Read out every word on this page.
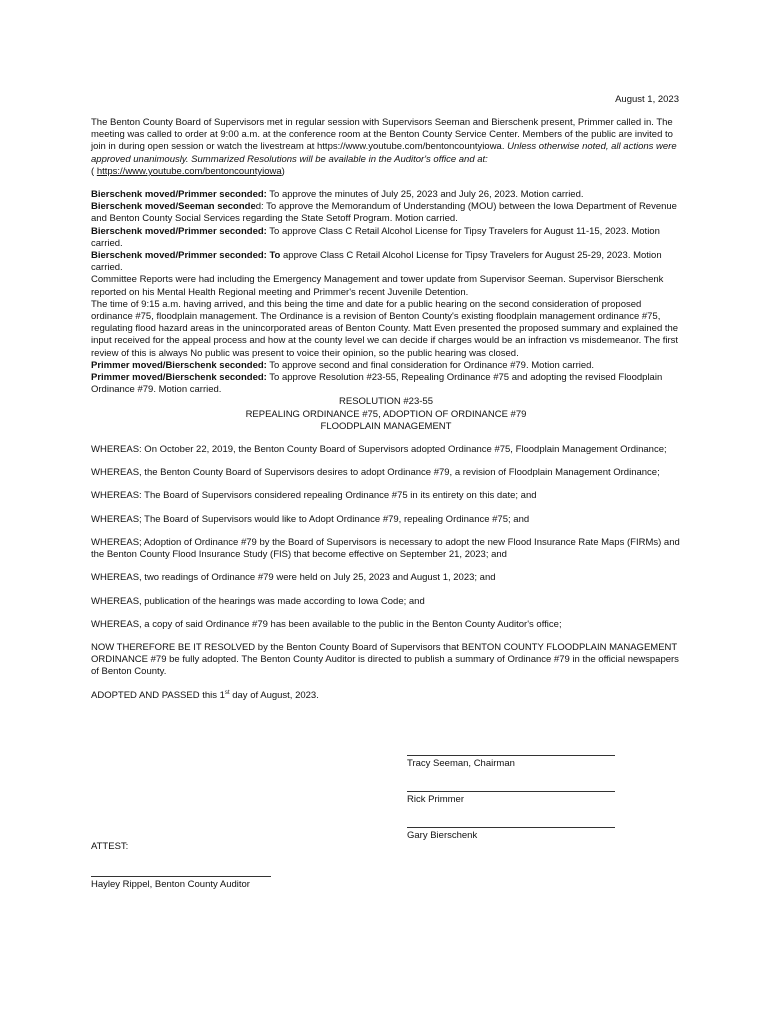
August 1, 2023

The Benton County Board of Supervisors met in regular session with Supervisors Seeman and Bierschenk present, Primmer called in. The meeting was called to order at 9:00 a.m. at the conference room at the Benton County Service Center. Members of the public are invited to join in during open session or watch the livestream at https://www.youtube.com/bentoncountyiowa. Unless otherwise noted, all actions were approved unanimously. Summarized Resolutions will be available in the Auditor's office and at:
( https://www.youtube.com/bentoncountyiowa)

Bierschenk moved/Primmer seconded: To approve the minutes of July 25, 2023 and July 26, 2023. Motion carried.

Bierschenk moved/Seeman seconded: To approve the Memorandum of Understanding (MOU) between the Iowa Department of Revenue and Benton County Social Services regarding the State Setoff Program. Motion carried.

Bierschenk moved/Primmer seconded: To approve Class C Retail Alcohol License for Tipsy Travelers for August 11-15, 2023. Motion carried.

Bierschenk moved/Primmer seconded: To approve Class C Retail Alcohol License for Tipsy Travelers for August 25-29, 2023. Motion carried.

Committee Reports were had including the Emergency Management and tower update from Supervisor Seeman. Supervisor Bierschenk reported on his Mental Health Regional meeting and Primmer's recent Juvenile Detention.

The time of 9:15 a.m. having arrived, and this being the time and date for a public hearing on the second consideration of proposed ordinance #75, floodplain management. The Ordinance is a revision of Benton County's existing floodplain management ordinance #75, regulating flood hazard areas in the unincorporated areas of Benton County. Matt Even presented the proposed summary and explained the input received for the appeal process and how at the county level we can decide if charges would be an infraction vs misdemeanor. The first review of this is always No public was present to voice their opinion, so the public hearing was closed.

Primmer moved/Bierschenk seconded: To approve second and final consideration for Ordinance #79. Motion carried.

Primmer moved/Bierschenk seconded: To approve Resolution #23-55, Repealing Ordinance #75 and adopting the revised Floodplain Ordinance #79. Motion carried.

RESOLUTION #23-55

REPEALING ORDINANCE #75, ADOPTION OF ORDINANCE #79

FLOODPLAIN MANAGEMENT

WHEREAS: On October 22, 2019, the Benton County Board of Supervisors adopted Ordinance #75, Floodplain Management Ordinance;

WHEREAS, the Benton County Board of Supervisors desires to adopt Ordinance #79, a revision of Floodplain Management Ordinance;

WHEREAS: The Board of Supervisors considered repealing Ordinance #75 in its entirety on this date; and

WHEREAS; The Board of Supervisors would like to Adopt Ordinance #79, repealing Ordinance #75; and

WHEREAS; Adoption of Ordinance #79 by the Board of Supervisors is necessary to adopt the new Flood Insurance Rate Maps (FIRMs) and the Benton County Flood Insurance Study (FIS) that become effective on September 21, 2023; and

WHEREAS, two readings of Ordinance #79 were held on July 25, 2023 and August 1, 2023; and

WHEREAS, publication of the hearings was made according to Iowa Code; and

WHEREAS, a copy of said Ordinance #79 has been available to the public in the Benton County Auditor's office;

NOW THEREFORE BE IT RESOLVED by the Benton County Board of Supervisors that BENTON COUNTY FLOODPLAIN MANAGEMENT ORDINANCE #79 be fully adopted. The Benton County Auditor is directed to publish a summary of Ordinance #79 in the official newspapers of Benton County.

ADOPTED AND PASSED this 1st day of August, 2023.

Tracy Seeman, Chairman
Rick Primmer
Gary Bierschenk
ATTEST:
Hayley Rippel, Benton County Auditor
